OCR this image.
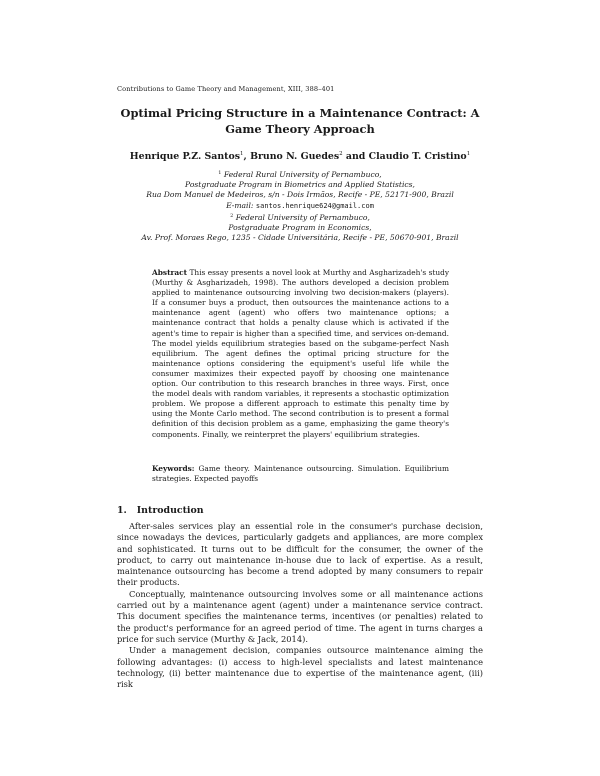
Contributions to Game Theory and Management, XIII, 388–401
Optimal Pricing Structure in a Maintenance Contract: A
Game Theory Approach
Henrique P.Z. Santos$^1$, Bruno N. Guedes$^2$ and Claudio T. Cristino$^1$
$^1$ Federal Rural University of Pernambuco,
Postgraduate Program in Biometrics and Applied Statistics,
Rua Dom Manuel de Medeiros, s/n - Dois Irmãos, Recife - PE, 52171-900, Brazil
E-mail: santos.henrique624@gmail.com
$^2$ Federal University of Pernambuco,
Postgraduate Program in Economics,
Av. Prof. Moraes Rego, 1235 - Cidade Universitária, Recife - PE, 50670-901, Brazil
Abstract This essay presents a novel look at Murthy and Asgharizadeh's study (Murthy & Asgharizadeh, 1998). The authors developed a decision problem applied to maintenance outsourcing involving two decision-makers (players). If a consumer buys a product, then outsources the maintenance actions to a maintenance agent (agent) who offers two maintenance options; a maintenance contract that holds a penalty clause which is activated if the agent's time to repair is higher than a specified time, and services on-demand. The model yields equilibrium strategies based on the subgame-perfect Nash equilibrium. The agent defines the optimal pricing structure for the maintenance options considering the equipment's useful life while the consumer maximizes their expected payoff by choosing one maintenance option. Our contribution to this research branches in three ways. First, once the model deals with random variables, it represents a stochastic optimization problem. We propose a different approach to estimate this penalty time by using the Monte Carlo method. The second contribution is to present a formal definition of this decision problem as a game, emphasizing the game theory's components. Finally, we reinterpret the players' equilibrium strategies.
Keywords: Game theory. Maintenance outsourcing. Simulation. Equilibrium strategies. Expected payoffs
1. Introduction

After-sales services play an essential role in the consumer's purchase decision, since nowadays the devices, particularly gadgets and appliances, are more complex and sophisticated. It turns out to be difficult for the consumer, the owner of the product, to carry out maintenance in-house due to lack of expertise. As a result, maintenance outsourcing has become a trend adopted by many consumers to repair their products.

Conceptually, maintenance outsourcing involves some or all maintenance actions carried out by a maintenance agent (agent) under a maintenance service contract. This document specifies the maintenance terms, incentives (or penalties) related to the product's performance for an agreed period of time. The agent in turns charges a price for such service (Murthy & Jack, 2014).

Under a management decision, companies outsource maintenance aiming the following advantages: (i) access to high-level specialists and latest maintenance technology, (ii) better maintenance due to expertise of the maintenance agent, (iii) risk
